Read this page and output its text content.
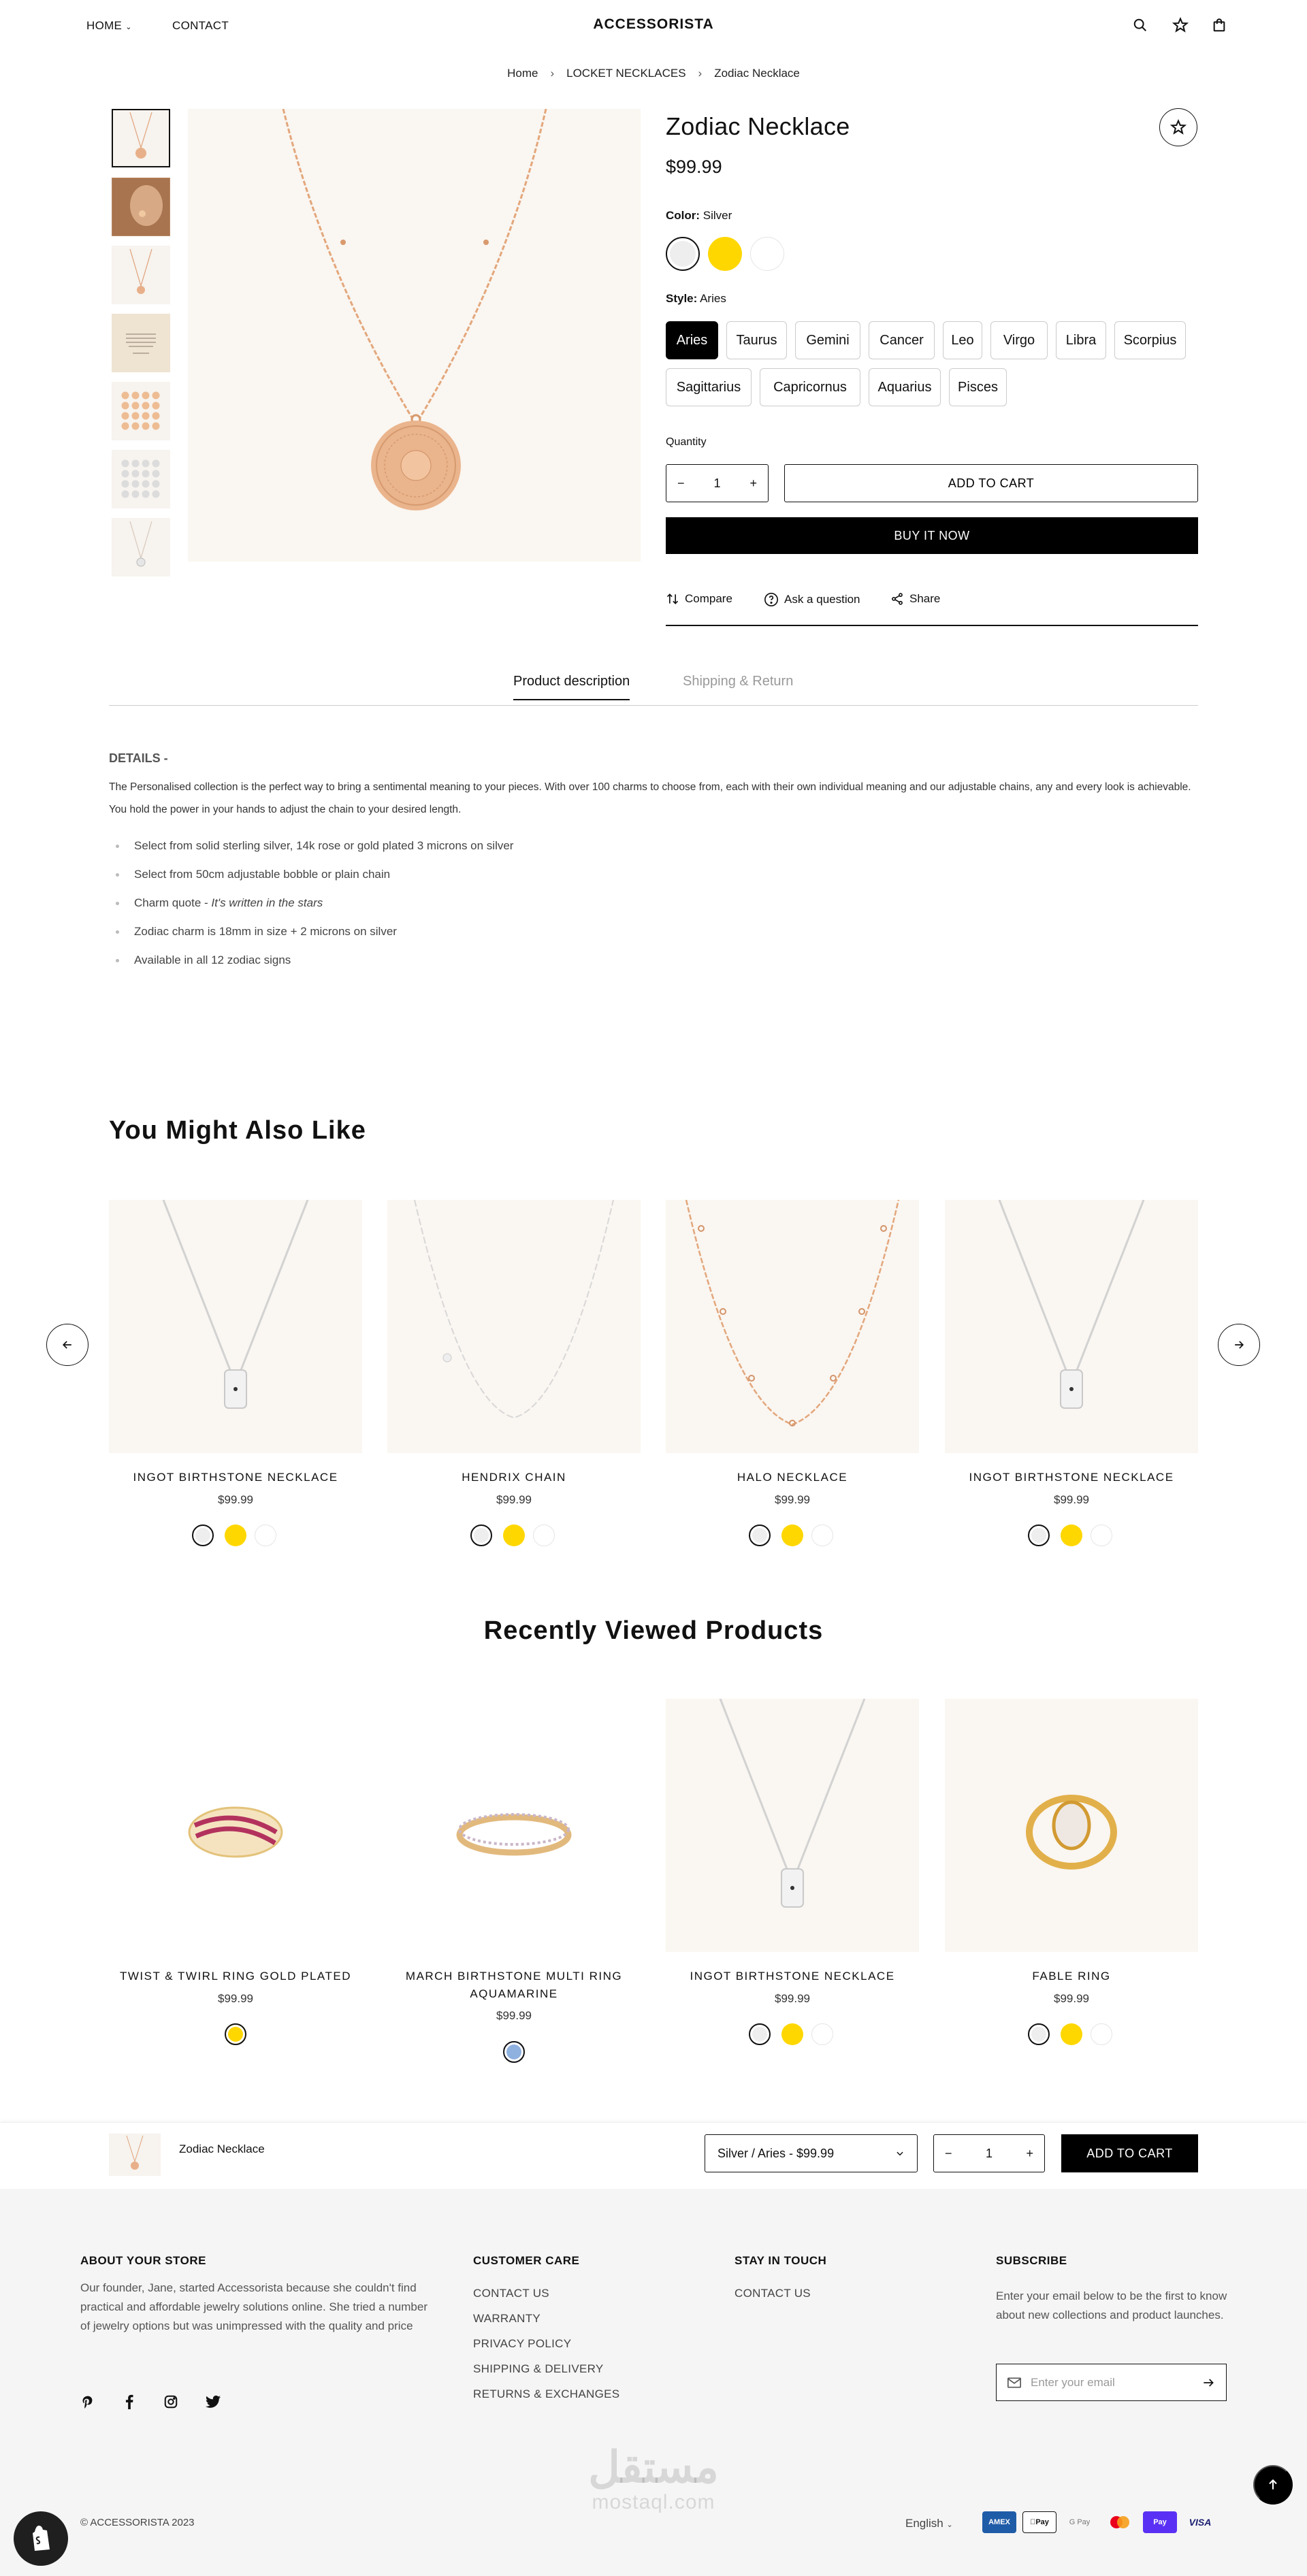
HOME ⌄	CONTACT	ACCESSORISTA
Home › LOCKET NECKLACES › Zodiac Necklace
Zodiac Necklace
$99.99
Color: Silver
Style: Aries
Aries	Taurus	Gemini	Cancer	Leo	Virgo	Libra	Scorpius
Sagittarius	Capricornus	Aquarius	Pisces
Quantity
− 1 +	ADD TO CART
BUY IT NOW
Compare	Ask a question	Share
Product description	Shipping & Return
DETAILS -
The Personalised collection is the perfect way to bring a sentimental meaning to your pieces. With over 100 charms to choose from, each with their own individual meaning and our adjustable chains, any and every look is achievable. You hold the power in your hands to adjust the chain to your desired length.
Select from solid sterling silver, 14k rose or gold plated 3 microns on silver
Select from 50cm adjustable bobble or plain chain
Charm quote - It's written in the stars
Zodiac charm is 18mm in size + 2 microns on silver
Available in all 12 zodiac signs
You Might Also Like
INGOT BIRTHSTONE NECKLACE
$99.99
HENDRIX CHAIN
$99.99
HALO NECKLACE
$99.99
INGOT BIRTHSTONE NECKLACE
$99.99
Recently Viewed Products
TWIST & TWIRL RING GOLD PLATED
$99.99
MARCH BIRTHSTONE MULTI RING AQUAMARINE
$99.99
INGOT BIRTHSTONE NECKLACE
$99.99
FABLE RING
$99.99
Zodiac Necklace	Silver / Aries - $99.99	−	1	+	ADD TO CART
ABOUT YOUR STORE
Our founder, Jane, started Accessorista because she couldn't find practical and affordable jewelry solutions online. She tried a number of jewelry options but was unimpressed with the quality and price
CUSTOMER CARE
CONTACT US
WARRANTY
PRIVACY POLICY
SHIPPING & DELIVERY
RETURNS & EXCHANGES
STAY IN TOUCH
CONTACT US
SUBSCRIBE
Enter your email below to be the first to know about new collections and product launches.
Enter your email
© ACCESSORISTA 2023	English ⌄	AMEX	Pay	G Pay	Pay	VISA
مستقل
mostaql.com
